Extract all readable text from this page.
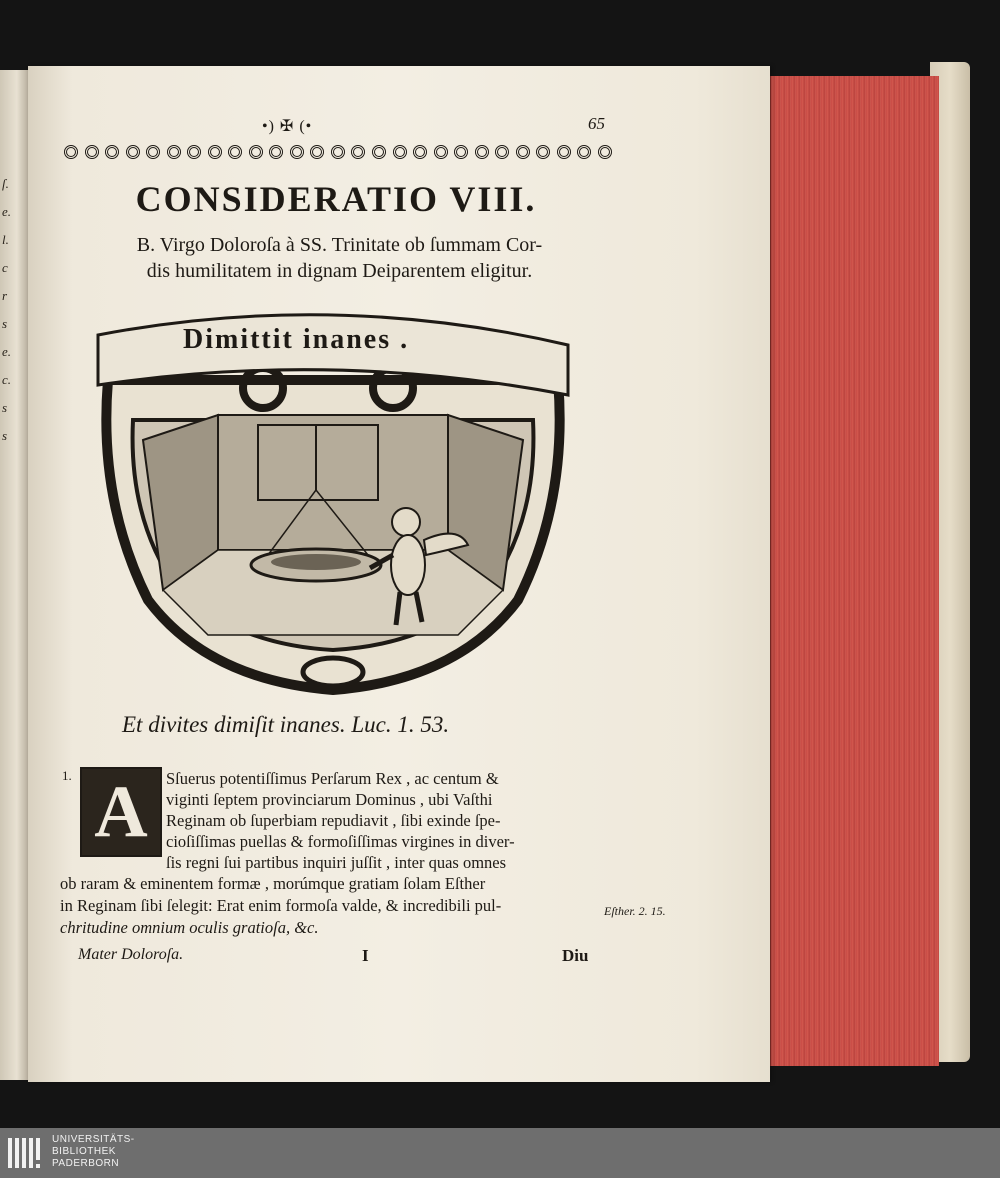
ſ.
e.
l.
c
r
s
e.
c.
s
s
•) ✠ (•	65
CONSIDERATIO VIII.
B. Virgo Doloroſa à SS. Trinitate ob ſummam Cor-
dis humilitatem in dignam Deiparentem eligitur.
Dimittit inanes .
Et divites dimiſit inanes. Luc. 1. 53.
1. A	Sſuerus potentiſſimus Perſarum Rex , ac centum &
viginti ſeptem provinciarum Dominus , ubi Vaſthi
Reginam ob ſuperbiam repudiavit , ſibi exinde ſpe-
cioſiſſimas puellas & formoſiſſimas virgines in diver-
ſis regni ſui partibus inquiri juſſit , inter quas omnes
ob raram & eminentem formæ , morúmque gratiam ſolam Eſther
in Reginam ſibi ſelegit: Erat enim formoſa valde, & incredibili pul-
chritudine omnium oculis gratioſa, &c.
Eſther. 2. 15.
Mater Doloroſa.	I	Diu
UNIVERSITÄTS-
BIBLIOTHEK
PADERBORN
